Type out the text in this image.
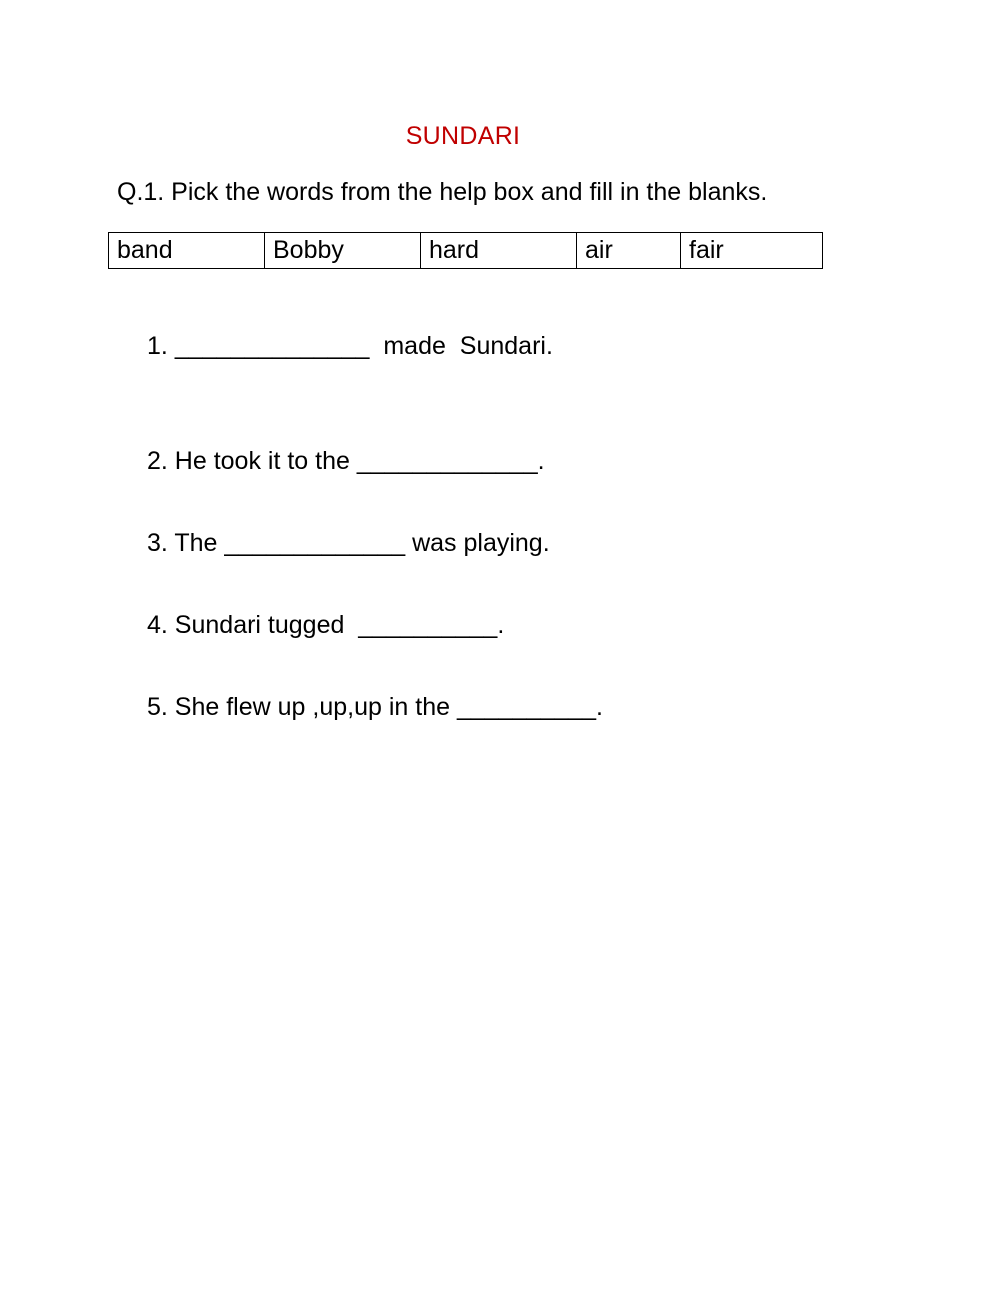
SUNDARI
Q.1. Pick the words from the help box and fill in the blanks.
band	Bobby	hard	air	fair
1. ______________  made  Sundari.
2. He took it to the _____________.
3. The _____________ was playing.
4. Sundari tugged  __________.
5. She flew up ,up,up in the __________.
